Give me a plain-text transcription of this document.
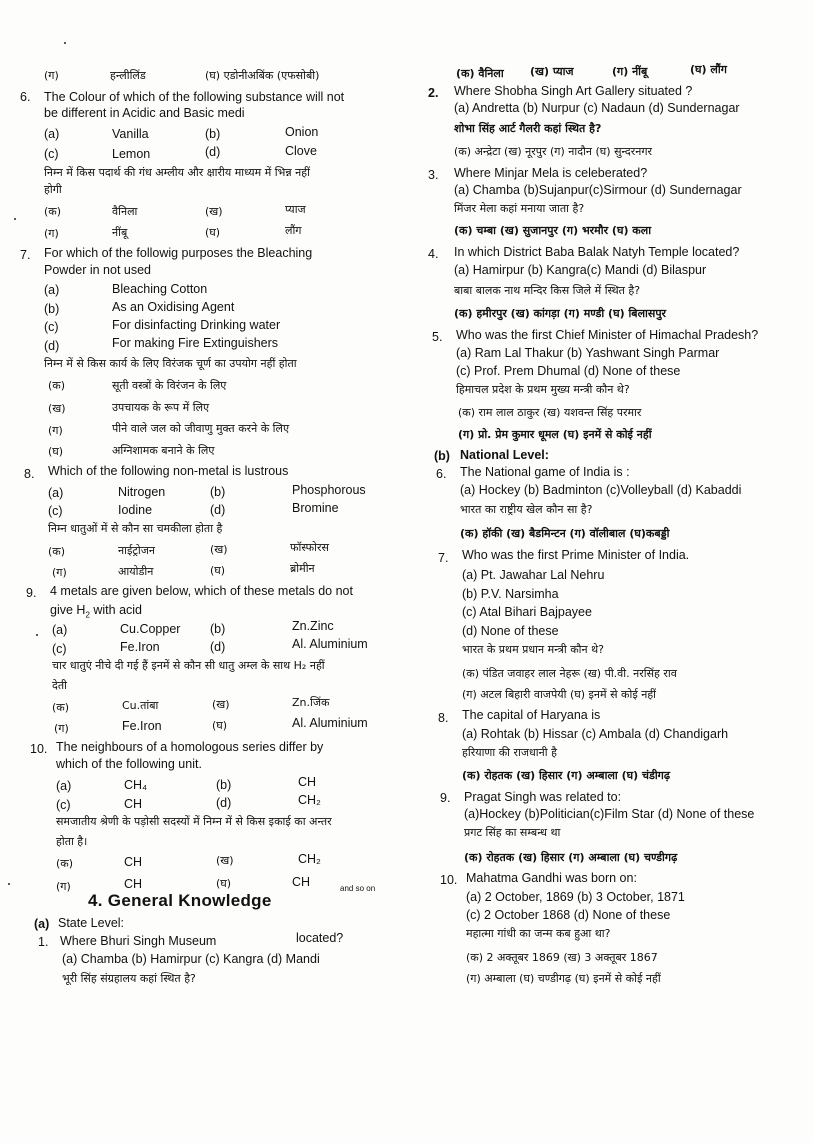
(ग)	हन्लीलिंड	(घ) एडोनीअबिंक (एफसोबी)
6. The Colour of which of the following substance will not
be different in Acidic and Basic medi
(a)	Vanilla	(b)	Onion
(c)	Lemon	(d)	Clove
निम्न में किस पदार्थ की गंध अम्लीय और क्षारीय माध्यम में भिन्न नहीं
होगी
(क)	वैनिला	(ख)	प्याज
(ग)	नींबू	(घ)	लौंग
7. For which of the followig purposes the Bleaching
Powder in not used
(a)	Bleaching Cotton
(b)	As an Oxidising Agent
(c)	For disinfacting Drinking water
(d)	For making Fire Extinguishers
निम्न में से किस कार्य के लिए विरंजक चूर्ण का उपयोग नहीं होता
(क)	सूती वस्त्रों के विरंजन के लिए
(ख)	उपचायक के रूप में लिए
(ग)	पीने वाले जल को जीवाणु मुक्त करने के लिए
(घ)	अग्निशामक बनाने के लिए
8. Which of the following non-metal is lustrous
(a)	Nitrogen	(b)	Phosphorous
(c)	Iodine	(d)	Bromine
निम्न धातुओं में से कौन सा चमकीला होता है
(क)	नाईट्रोजन	(ख)	फॉस्फोरस
(ग)	आयोडीन	(घ)	ब्रोमीन
9. 4 metals are given below, which of these metals do not
give $H_2$ with acid
(a)	Cu.Copper (b)	Zn.Zinc
(c)	Fe.Iron	(d)	Al. Aluminium
चार धातुएं नीचे दी गई हैं इनमें से कौन सी धातु अम्ल के साथ H₂ नहीं
देती
(क)	Cu.तांबा	(ख)	Zn.जिंक
(ग)	Fe.Iron	(घ)	Al. Aluminium
10. The neighbours of a homologous series differ by
which of the following unit.
(a)	CH₄	(b)	CH
(c)	CH	(d)	CH₂
समजातीय श्रेणी के पड़ोसी सदस्यों में निम्न में से किस इकाई का अन्तर
होता है।
(क)	CH	(ख)	CH₂
(ग)	CH	(घ)	CH	and so on
4. General Knowledge
(a) State Level:
1. Where Bhuri Singh Museum	located?
(a) Chamba (b) Hamirpur (c) Kangra (d) Mandi
भूरी सिंह संग्रहालय कहां स्थित है?
(क) वैनिला (ख) प्याज	(ग) नींबू	(घ) लौंग
2. Where Shobha Singh Art Gallery situated ?
(a) Andretta (b) Nurpur (c) Nadaun (d) Sundernagar
शोभा सिंह आर्ट गैलरी कहां स्थित है?
(क) अन्द्रेटा (ख) नूरपुर (ग) नादौन (घ) सुन्दरनगर
3. Where Minjar Mela is celeberated?
(a) Chamba (b)Sujanpur(c)Sirmour (d) Sundernagar
मिंजर मेला कहां मनाया जाता है?
(क) चम्बा (ख) सुजानपुर (ग) भरमौर (घ) कला
4. In which District Baba Balak Natyh Temple located?
(a) Hamirpur (b) Kangra(c) Mandi (d) Bilaspur
बाबा बालक नाथ मन्दिर किस जिले में स्थित है?
(क) हमीरपुर (ख) कांगड़ा (ग) मण्डी (घ) बिलासपुर
5. Who was the first Chief Minister of Himachal Pradesh?
(a) Ram Lal Thakur (b) Yashwant Singh Parmar
(c) Prof. Prem Dhumal (d) None of these
हिमाचल प्रदेश के प्रथम मुख्य मन्त्री कौन थे?
(क) राम लाल ठाकुर (ख) यशवन्त सिंह परमार
(ग) प्रो. प्रेम कुमार धूमल (घ) इनमें से कोई नहीं
(b) National Level:
6. The National game of India is :
(a) Hockey (b) Badminton (c)Volleyball (d) Kabaddi
भारत का राष्ट्रीय खेल कौन सा है?
(क) हॉकी (ख) बैडमिन्टन (ग) वॉलीबाल (घ)कबड्डी
7. Who was the first Prime Minister of India.
(a) Pt. Jawahar Lal Nehru
(b) P.V. Narsimha
(c) Atal Bihari Bajpayee
(d) None of these
भारत के प्रथम प्रधान मन्त्री कौन थे?
(क) पंडित जवाहर लाल नेहरू (ख) पी.वी. नरसिंह राव
(ग) अटल बिहारी वाजपेयी (घ) इनमें से कोई नहीं
8. The capital of Haryana is
(a) Rohtak (b) Hissar (c) Ambala (d) Chandigarh
हरियाणा की राजधानी है
(क) रोहतक (ख) हिसार (ग) अम्बाला (घ) चंडीगढ़
9. Pragat Singh was related to:
(a)Hockey (b)Politician(c)Film Star (d) None of these
प्रगट सिंह का सम्बन्ध था
(क) रोहतक (ख) हिसार (ग) अम्बाला (घ) चण्डीगढ़
10. Mahatma Gandhi was born on:
(a) 2 October, 1869 (b) 3 October, 1871
(c) 2 October 1868 (d) None of these
महात्मा गांधी का जन्म कब हुआ था?
(क) 2 अक्तूबर 1869 (ख) 3 अक्तूबर 1867
(ग) अम्बाला (घ) चण्डीगढ़ (घ) इनमें से कोई नहीं
